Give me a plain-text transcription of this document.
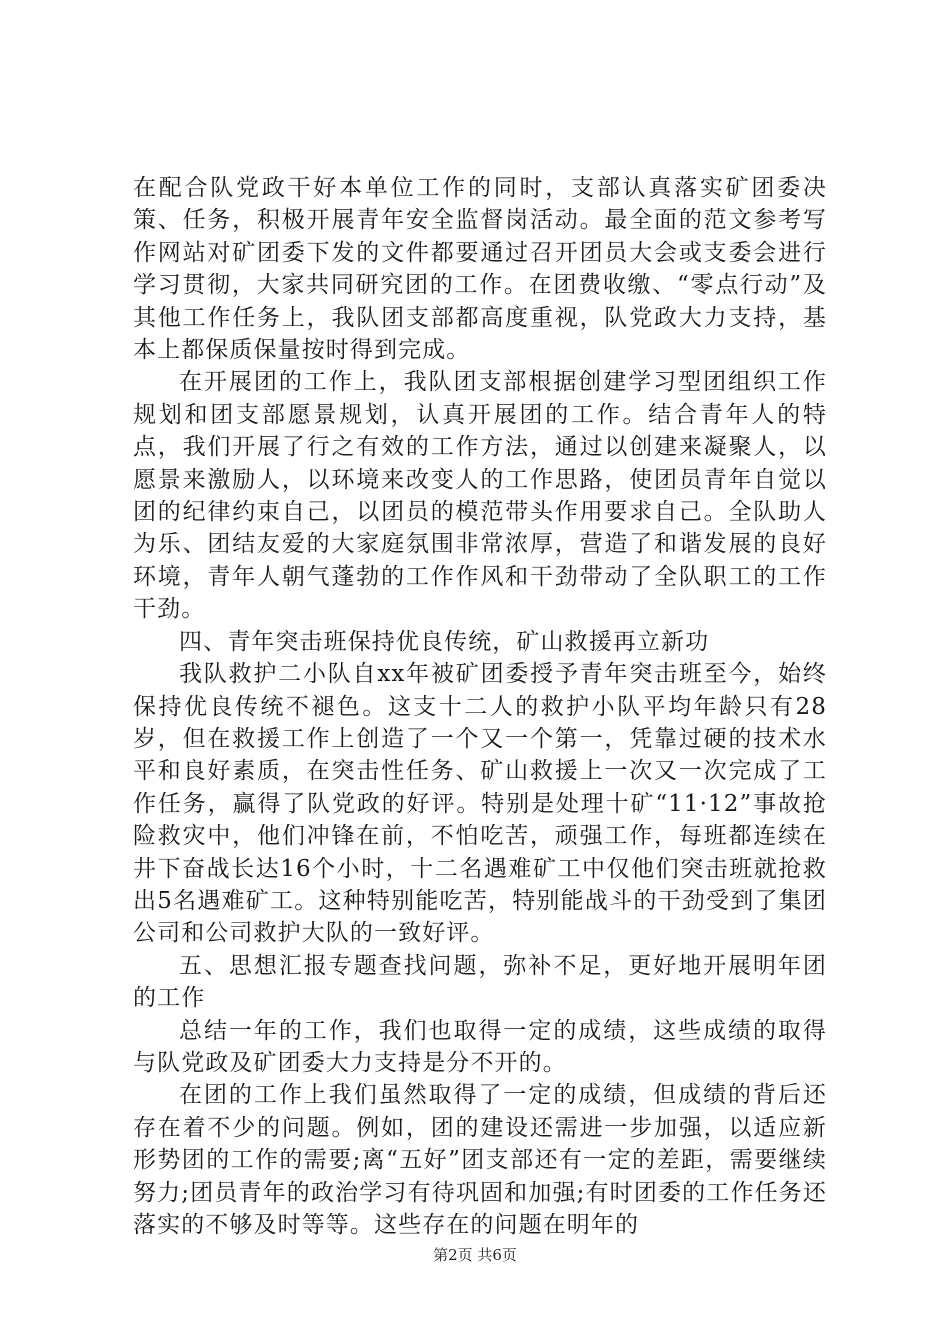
在配合队党政干好本单位工作的同时，支部认真落实矿团委决策、任务，积极开展青年安全监督岗活动。最全面的范文参考写作网站对矿团委下发的文件都要通过召开团员大会或支委会进行学习贯彻，大家共同研究团的工作。在团费收缴、“零点行动”及其他工作任务上，我队团支部都高度重视，队党政大力支持，基本上都保质保量按时得到完成。

在开展团的工作上，我队团支部根据创建学习型团组织工作规划和团支部愿景规划，认真开展团的工作。结合青年人的特点，我们开展了行之有效的工作方法，通过以创建来凝聚人，以愿景来激励人，以环境来改变人的工作思路，使团员青年自觉以团的纪律约束自己，以团员的模范带头作用要求自己。全队助人为乐、团结友爱的大家庭氛围非常浓厚，营造了和谐发展的良好环境，青年人朝气蓬勃的工作作风和干劲带动了全队职工的工作干劲。

四、青年突击班保持优良传统，矿山救援再立新功

我队救护二小队自xx年被矿团委授予青年突击班至今，始终保持优良传统不褪色。这支十二人的救护小队平均年龄只有28岁，但在救援工作上创造了一个又一个第一，凭靠过硬的技术水平和良好素质，在突击性任务、矿山救援上一次又一次完成了工作任务，赢得了队党政的好评。特别是处理十矿“11·12”事故抢险救灾中，他们冲锋在前，不怕吃苦，顽强工作，每班都连续在井下奋战长达16个小时，十二名遇难矿工中仅他们突击班就抢救出5名遇难矿工。这种特别能吃苦，特别能战斗的干劲受到了集团公司和公司救护大队的一致好评。

五、思想汇报专题查找问题，弥补不足，更好地开展明年团的工作

总结一年的工作，我们也取得一定的成绩，这些成绩的取得与队党政及矿团委大力支持是分不开的。

在团的工作上我们虽然取得了一定的成绩，但成绩的背后还存在着不少的问题。例如，团的建设还需进一步加强，以适应新形势团的工作的需要;离“五好”团支部还有一定的差距，需要继续努力;团员青年的政治学习有待巩固和加强;有时团委的工作任务还落实的不够及时等等。这些存在的问题在明年的

第2页 共6页
